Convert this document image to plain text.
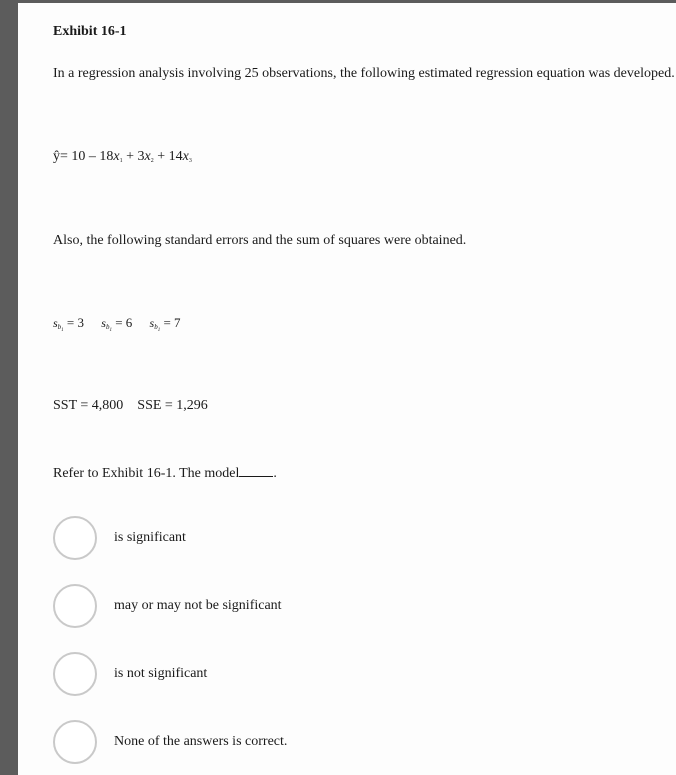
Exhibit 16-1
In a regression analysis involving 25 observations, the following estimated regression equation was developed.
ŷ= $10 - 18x_1 + 3x_2 + 14x_3$
Also, the following standard errors and the sum of squares were obtained.
$s_{b_1} = 3$ $s_{b_1} = 6$ $s_{b_1} = 7$
SST = 4,800 SSE = 1,296
Refer to Exhibit 16-1. The model .
is significant
may or may not be significant
is not significant
None of the answers is correct.
